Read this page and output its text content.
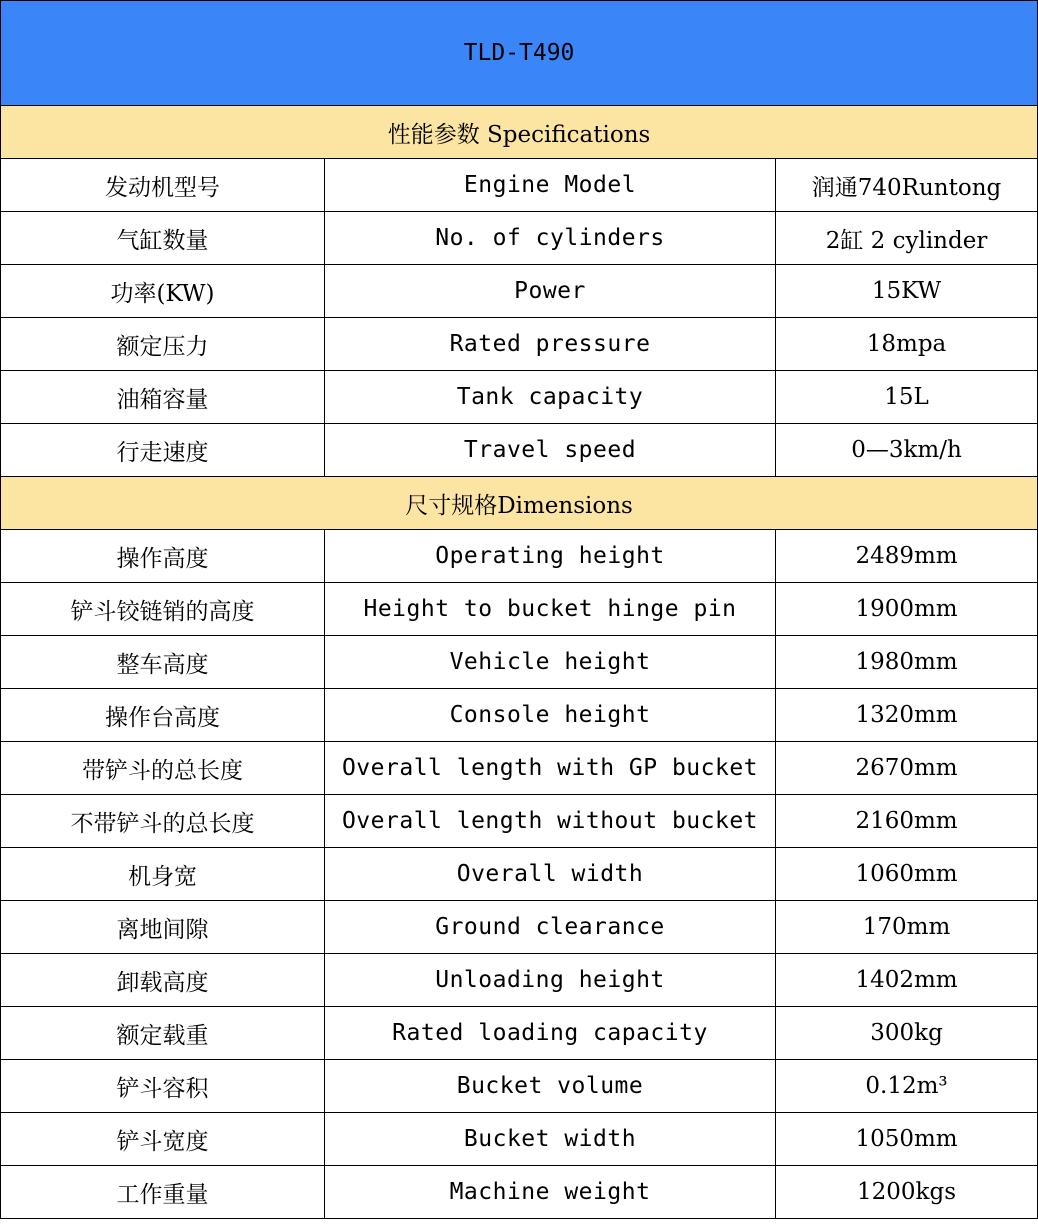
TLD-T490		
性能参数 Specifications		
发动机型号	Engine Model	润通740Runtong
气缸数量	No. of cylinders	2缸 2 cylinder
功率(KW)	Power	15KW
额定压力	Rated pressure	18mpa
油箱容量	Tank capacity	15L
行走速度	Travel speed	0—3km/h
尺寸规格Dimensions		
操作高度	Operating height	2489mm
铲斗铰链销的高度	Height to bucket hinge pin	1900mm
整车高度	Vehicle height	1980mm
操作台高度	Console height	1320mm
带铲斗的总长度	Overall length with GP bucket	2670mm
不带铲斗的总长度	Overall length without bucket	2160mm
机身宽	Overall width	1060mm
离地间隙	Ground clearance	170mm
卸载高度	Unloading height	1402mm
额定载重	Rated loading capacity	300kg
铲斗容积	Bucket volume	0.12m³
铲斗宽度	Bucket width	1050mm
工作重量	Machine weight	1200kgs
